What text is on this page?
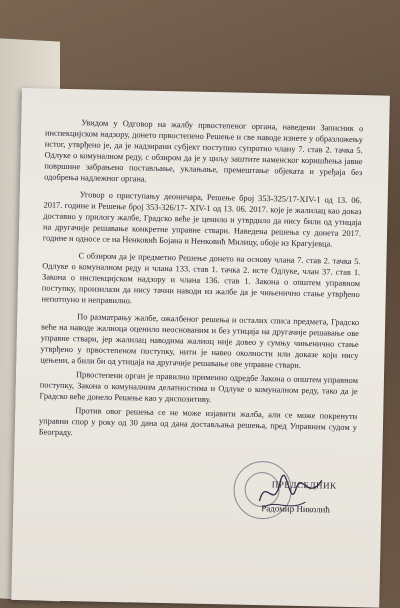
Увидом у Одговор на жалбу првостепеног органа, наведени Записник о инспекцијском надзору, донето првостепено Решење и све наводе изнете у образложењу истог, утврђено је, да је надзирани субјект поступио супротно члану 7. став 2. тачка 5. Одлуке о комуналном реду, с обзиром да је у циљу заштите наменског коришћења јавне површине забрањено постављање, уклањање, премештање објеката и уређаја без одобрења надлежног органа.

Уговор о приступању деоничара, Решење број 353-325/17-XIV-1 од 13. 06. 2017. године и Решење број 353-326/17- XIV-1 од 13. 06. 2017. које је жалилац као доказ доставио у прилогу жалбе, Градско веће је ценило и утврдило да нису били од утицаја на другачије решавање конкретне управне ствари. Наведена решења су донета 2017. године и односе се на Ненковић Бојана и Ненковић Милицу, обоје из Крагујевца.

С обзиром да је предметно Решење донето на основу члана 7. став 2. тачка 5. Одлуке о комуналном реду и члана 133. став 1. тачка 2. исте Одлуке, члан 37. став 1. Закона о инспекцијском надзору и члана 136. став 1. Закона о општем управном поступку, произилази да нису тачни наводи из жалбе да је чињенично стање утврђено непотпуно и неправилно.

По разматрању жалбе, ожалбеног решења и осталих списа предмета, Градско веће на наводе жалиоца оценило неоснованим и без утицаја на другачије решавање ове управне ствари, јер жалилац наводима жалиоц није довео у сумњу чињенично стање утврђено у првостепеном поступку, нити је навео околности или доказе који нису цењени, а били би од утицаја на другачије решавање ове управне ствари.

Првостепени орган је правилно применио одредбе Закона о општем управном поступку, Закона о комуналним делатностима и Одлуке о комуналном реду, тако да је Градско веће донело Решење као у диспозитиву.

Против овог решења се не може изјавити жалба, али се може покренути управни спор у року од 30 дана од дана достављања решења, пред Управним судом у Београду.

ПРЕДСЕДНИК
Радомир Николић
